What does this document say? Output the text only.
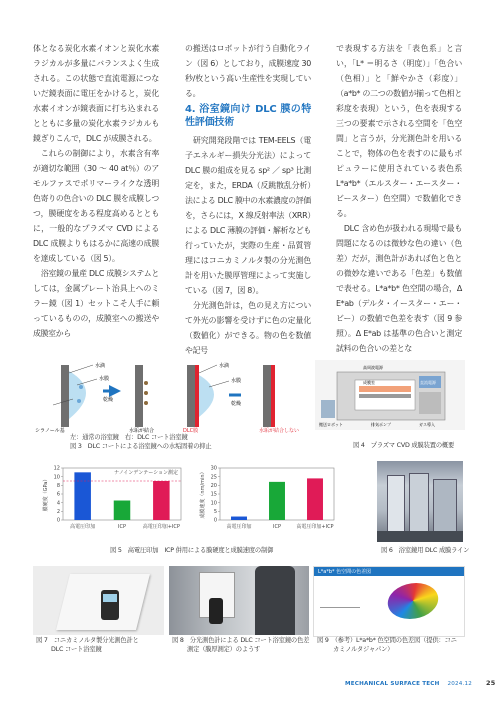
体となる炭化水素イオンと炭化水素ラジカルが多量にバランスよく生成される。この状態で直流電源につないだ鏡表面に電圧をかけると，炭化水素イオンが鏡表面に打ち込まれるとともに多量の炭化水素ラジカルも鏡ぎりこんで，DLC が成膜される。

これらの制御により，水素含有率が適切な範囲（30 ～ 40 at％）のアモルファスでポリマーライクな透明色寄りの色合いの DLC 膜を成膜しつつ，膜硬度をある程度高めるとともに，一般的なプラズマ CVD による DLC 成膜よりもはるかに高速の成膜を達成している（図 5）。

浴室鏡の量産 DLC 成膜システムとしては，金属プレート治具上へのミラー鏡（図 1）セットこそ人手に頼っているものの，成膜室への搬送や成膜室から

の搬送はロボットが行う自動化ライン（図 6）としており，成膜速度 30 秒/枚という高い生産性を実現している。

4. 浴室鏡向け DLC 膜の特性評価技術

研究開発段階では TEM-EELS（電子エネルギー損失分光法）によって DLC 膜の組成を見る sp² ／ sp³ 比測定を，また，ERDA（反跳散乱分析）法による DLC 膜中の水素濃度の評価を，さらには，X 線反射率法（XRR）による DLC 薄膜の評価・解析なども行っていたが，実際の生産・品質管理にはコニカミノルタ製の分光測色計を用いた膜厚管理によって実施している（図 7，図 8）。

分光測色計は，色の見え方について外光の影響を受けずに色の定量化（数値化）ができる。物の色を数値や記号

で表現する方法を「表色系」と言い，「L* ＝明るさ（明度）」「色合い（色相）」と「鮮やかさ（彩度）」（a*b* の二つの数値が揃って色相と彩度を表現）という，色を表現する三つの要素で示される空間を「色空間」と言うが，分光測色計を用いることで，物体の色を表すのに最もポピュラーに使用されている表色系 L*a*b*（エルスター・エースター・ビースター）色空間）で数値化できる。

DLC 含め色が扱われる現場で最も問題になるのは微妙な色の違い（色差）だが，測色計があれば色と色との微妙な違いである「色差」も数値で表せる。L*a*b* 色空間の場合，Δ E*ab（デルタ・イースター・エー・ビー）の数値で色差を表す（図 9 参照）。Δ E*ab は基準の色合いと測定試料の色合いの差とな

水滴
水膜
乾燥
水滴
水膜
乾燥
シラノール基	水垢が結合	DLC膜	水垢が結合しない
左：通常の浴室鏡　右：DLC コート浴室鏡
図 3　DLC コートによる浴室鏡への水垢固着の抑止
高周波電源
搬送ロボット
成膜室
排気ポンプ	ガス導入
直流電源
図 4　プラズマ CVD 成膜装置の概要
0
2
4
6
8
10
12
膜硬度（GPa）
高電圧印加	ICP	高電圧印加+ICP
ナノインデンテーション測定
0
5
10
15
20
25
30
成膜速度（nm/min）
高電圧印加	ICP	高電圧印加+ICP
図 5　高電圧印加　ICP 併用による膜硬度と成膜速度の制御	図 6　浴室鏡用 DLC 成膜ライン
図 7　コニカミノルタ製分光測色計と
DLC コート浴室鏡
図 8　分光測色計による DLC コート浴室鏡の色差
測定（膜厚測定）のようす
L*a*b* 色空間の色差図
図 9　（参考）L*a*b* 色空間の色差図（提供：コニ
カミノルタジャパン）
MECHANICAL SURFACE TECH 2024.12 25
